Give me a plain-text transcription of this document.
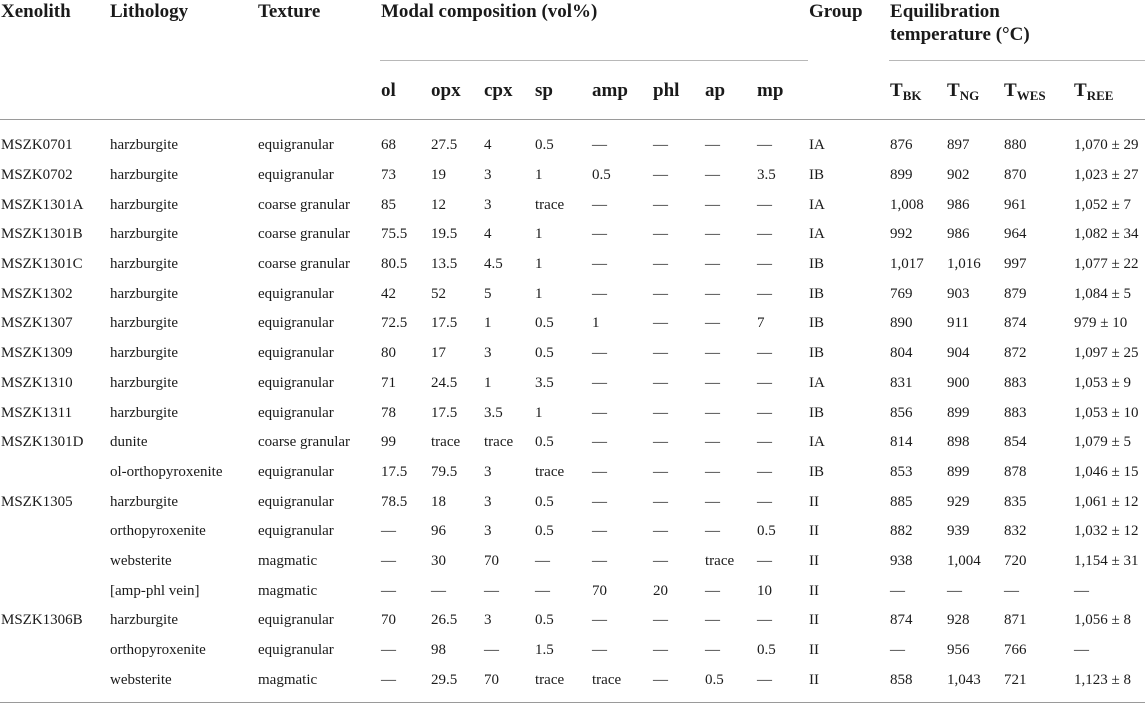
Xenolith	Lithology	Texture	Modal composition (vol%)								Group	Equilibration
temperature (°C)			
			ol	opx	cpx	sp	amp	phl	ap	mp		$T_{BK}$	$T_{NG}$	$T_{WES}$	$T_{REE}$

MSZK0701	harzburgite	equigranular	68	27.5	4	0.5	—	—	—	—	IA	876	897	880	1,070 ± 29
MSZK0702	harzburgite	equigranular	73	19	3	1	0.5	—	—	3.5	IB	899	902	870	1,023 ± 27
MSZK1301A	harzburgite	coarse granular	85	12	3	trace	—	—	—	—	IA	1,008	986	961	1,052 ± 7
MSZK1301B	harzburgite	coarse granular	75.5	19.5	4	1	—	—	—	—	IA	992	986	964	1,082 ± 34
MSZK1301C	harzburgite	coarse granular	80.5	13.5	4.5	1	—	—	—	—	IB	1,017	1,016	997	1,077 ± 22
MSZK1302	harzburgite	equigranular	42	52	5	1	—	—	—	—	IB	769	903	879	1,084 ± 5
MSZK1307	harzburgite	equigranular	72.5	17.5	1	0.5	1	—	—	7	IB	890	911	874	979 ± 10
MSZK1309	harzburgite	equigranular	80	17	3	0.5	—	—	—	—	IB	804	904	872	1,097 ± 25
MSZK1310	harzburgite	equigranular	71	24.5	1	3.5	—	—	—	—	IA	831	900	883	1,053 ± 9
MSZK1311	harzburgite	equigranular	78	17.5	3.5	1	—	—	—	—	IB	856	899	883	1,053 ± 10
MSZK1301D	dunite	coarse granular	99	trace	trace	0.5	—	—	—	—	IA	814	898	854	1,079 ± 5
	ol-orthopyroxenite	equigranular	17.5	79.5	3	trace	—	—	—	—	IB	853	899	878	1,046 ± 15
MSZK1305	harzburgite	equigranular	78.5	18	3	0.5	—	—	—	—	II	885	929	835	1,061 ± 12
	orthopyroxenite	equigranular	—	96	3	0.5	—	—	—	0.5	II	882	939	832	1,032 ± 12
	websterite	magmatic	—	30	70	—	—	—	trace	—	II	938	1,004	720	1,154 ± 31
	[amp-phl vein]	magmatic	—	—	—	—	70	20	—	10	II	—	—	—	—
MSZK1306B	harzburgite	equigranular	70	26.5	3	0.5	—	—	—	—	II	874	928	871	1,056 ± 8
	orthopyroxenite	equigranular	—	98	—	1.5	—	—	—	0.5	II	—	956	766	—
	websterite	magmatic	—	29.5	70	trace	trace	—	0.5	—	II	858	1,043	721	1,123 ± 8
